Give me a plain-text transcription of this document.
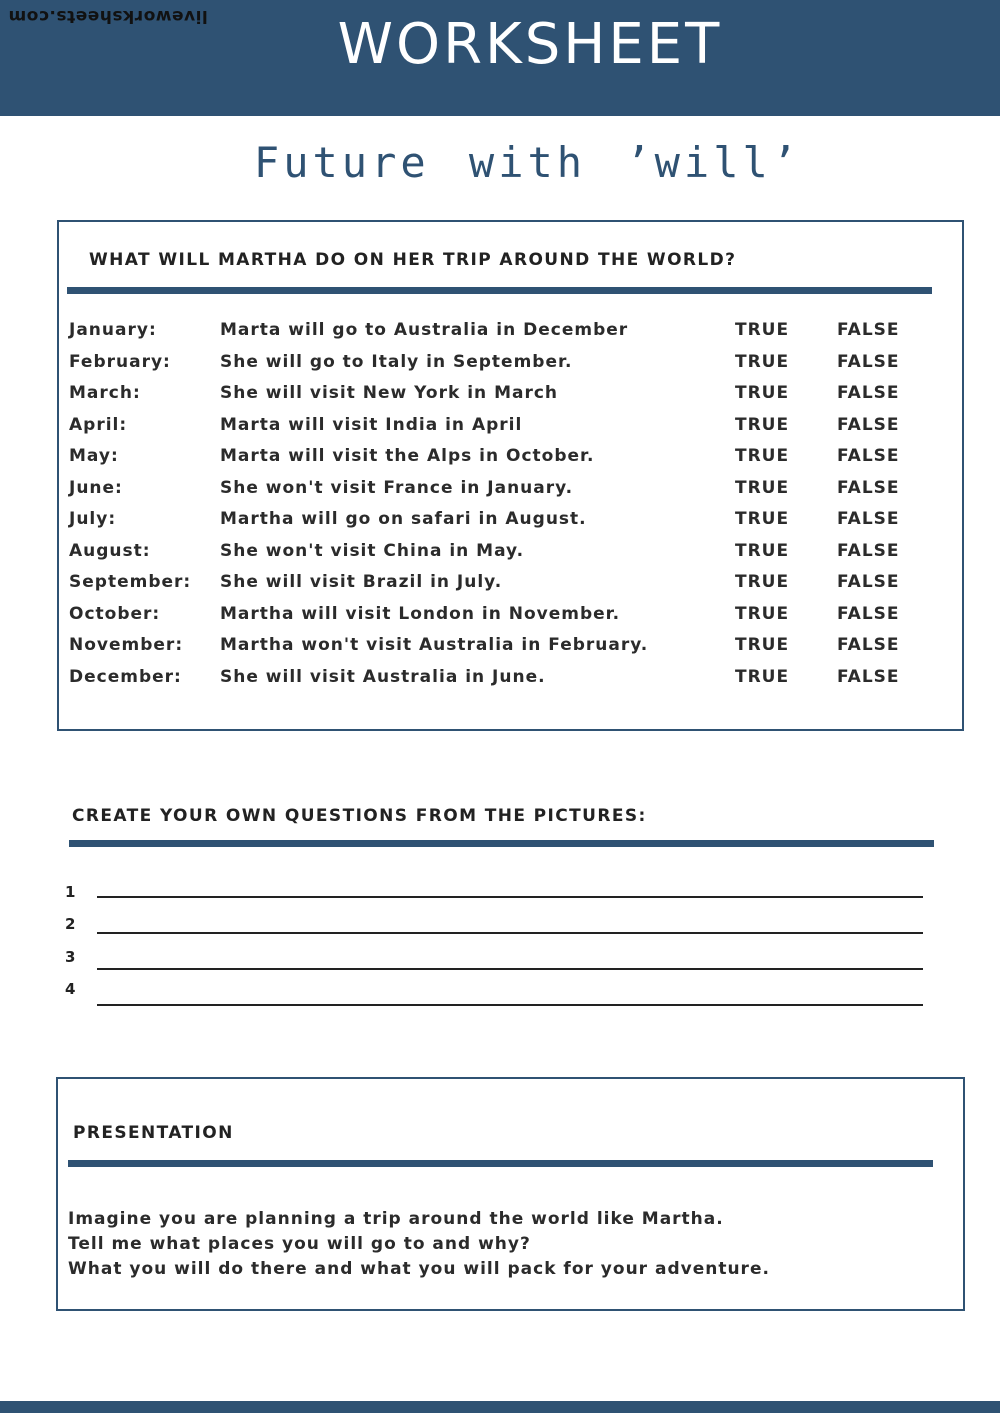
liveworksheets.com	WORKSHEET
Future with ’will’
WHAT WILL MARTHA DO ON HER TRIP AROUND THE WORLD?
January:	Marta will go to Australia in December	TRUE	FALSE
February:	She will go to Italy in September.	TRUE	FALSE
March:	She will visit New York in March	TRUE	FALSE
April:	Marta will visit India in April	TRUE	FALSE
May:	Marta will visit the Alps in October.	TRUE	FALSE
June:	She won't visit France in January.	TRUE	FALSE
July:	Martha will go on safari in August.	TRUE	FALSE
August:	She won't visit China in May.	TRUE	FALSE
September: She will visit Brazil in July.	TRUE	FALSE
October:	Martha will visit London in November.	TRUE	FALSE
November: Martha won't visit Australia in February.	TRUE	FALSE
December: She will visit Australia in June.	TRUE	FALSE
CREATE YOUR OWN QUESTIONS FROM THE PICTURES:
1
2
3
4
PRESENTATION
Imagine you are planning a trip around the world like Martha.
Tell me what places you will go to and why?
What you will do there and what you will pack for your adventure.
